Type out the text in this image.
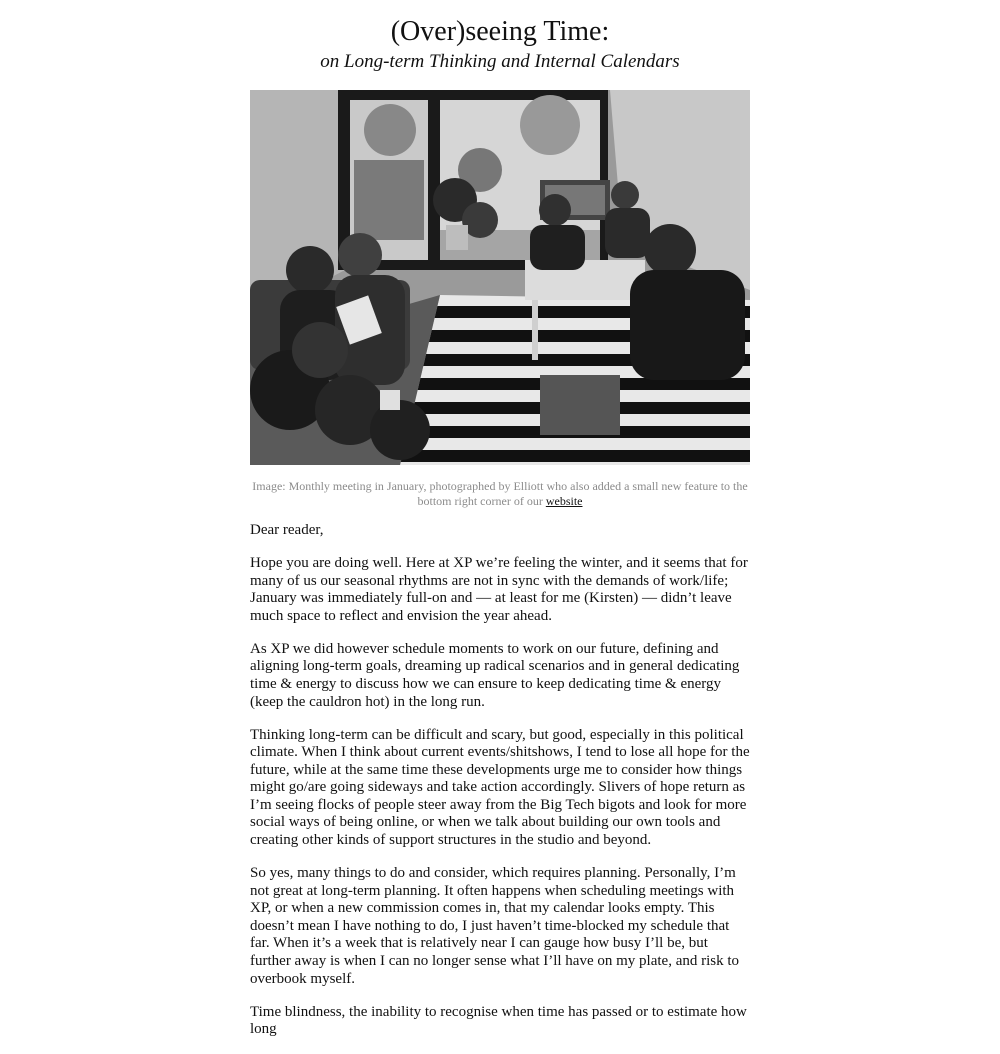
(Over)seeing Time:
on Long-term Thinking and Internal Calendars
Image: Monthly meeting in January, photographed by Elliott who also added a small new feature to the bottom right corner of our website

Dear reader,

Hope you are doing well. Here at XP we’re feeling the winter, and it seems that for many of us our seasonal rhythms are not in sync with the demands of work/life; January was immediately full-on and — at least for me (Kirsten) — didn’t leave much space to reflect and envision the year ahead.

As XP we did however schedule moments to work on our future, defining and aligning long-term goals, dreaming up radical scenarios and in general dedicating time & energy to discuss how we can ensure to keep dedicating time & energy (keep the cauldron hot) in the long run.

Thinking long-term can be difficult and scary, but good, especially in this political climate. When I think about current events/shitshows, I tend to lose all hope for the future, while at the same time these developments urge me to consider how things might go/are going sideways and take action accordingly. Slivers of hope return as I’m seeing flocks of people steer away from the Big Tech bigots and look for more social ways of being online, or when we talk about building our own tools and creating other kinds of support structures in the studio and beyond.

So yes, many things to do and consider, which requires planning. Personally, I’m not great at long-term planning. It often happens when scheduling meetings with XP, or when a new commission comes in, that my calendar looks empty. This doesn’t mean I have nothing to do, I just haven’t time-blocked my schedule that far. When it’s a week that is relatively near I can gauge how busy I’ll be, but further away is when I can no longer sense what I’ll have on my plate, and risk to overbook myself.

Time blindness, the inability to recognise when time has passed or to estimate how long
